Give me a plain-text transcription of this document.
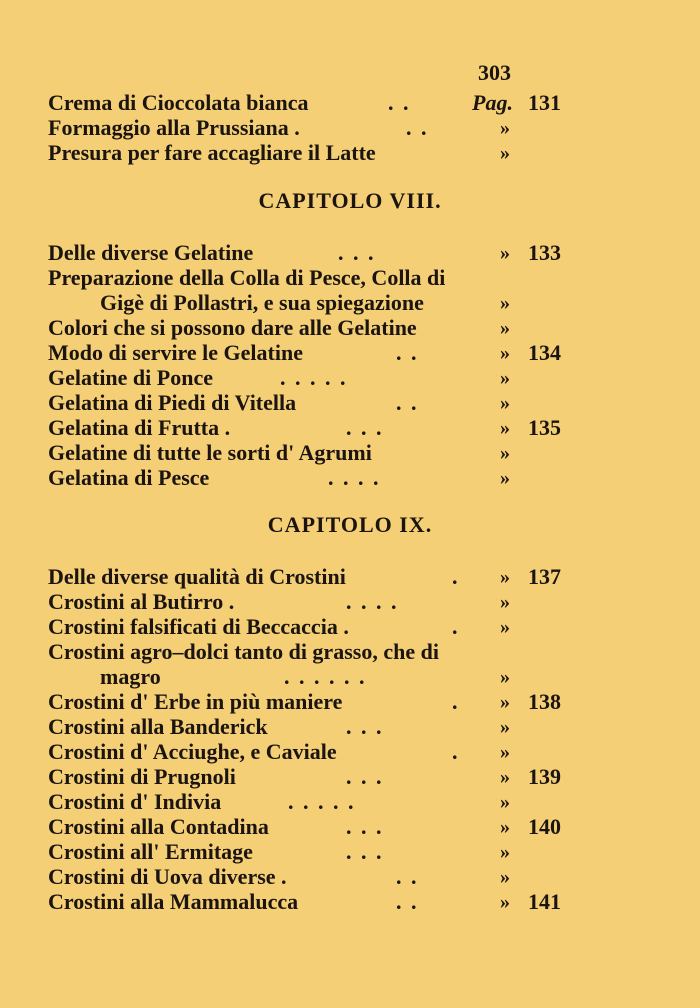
303
Crema di Cioccolata bianca	. .	Pag. 131
Formaggio alla Prussiana .	. .	»
Presura per fare accagliare il Latte	»
CAPITOLO VIII.
Delle diverse Gelatine	. . .	» 133
Preparazione della Colla di Pesce, Colla di
Gigè di Pollastri, e sua spiegazione	»
Colori che si possono dare alle Gelatine	»
Modo di servire le Gelatine	. .	» 134
Gelatine di Ponce	. . . . .	»
Gelatina di Piedi di Vitella	. .	»
Gelatina di Frutta .	. . .	» 135
Gelatine di tutte le sorti d' Agrumi	»
Gelatina di Pesce	. . . .	»
CAPITOLO IX.
Delle diverse qualità di Crostini	. » 137
Crostini al Butirro .	. . . .	»
Crostini falsificati di Beccaccia .	. »
Crostini agro–dolci tanto di grasso, che di
magro	. . . . . .	»
Crostini d' Erbe in più maniere	. » 138
Crostini alla Banderick	. . .	»
Crostini d' Acciughe, e Caviale	. »
Crostini di Prugnoli	. . .	» 139
Crostini d' Indivia	. . . . .	»
Crostini alla Contadina	. . .	» 140
Crostini all' Ermitage	. . .	»
Crostini di Uova diverse .	. .	»
Crostini alla Mammalucca	. .	» 141
